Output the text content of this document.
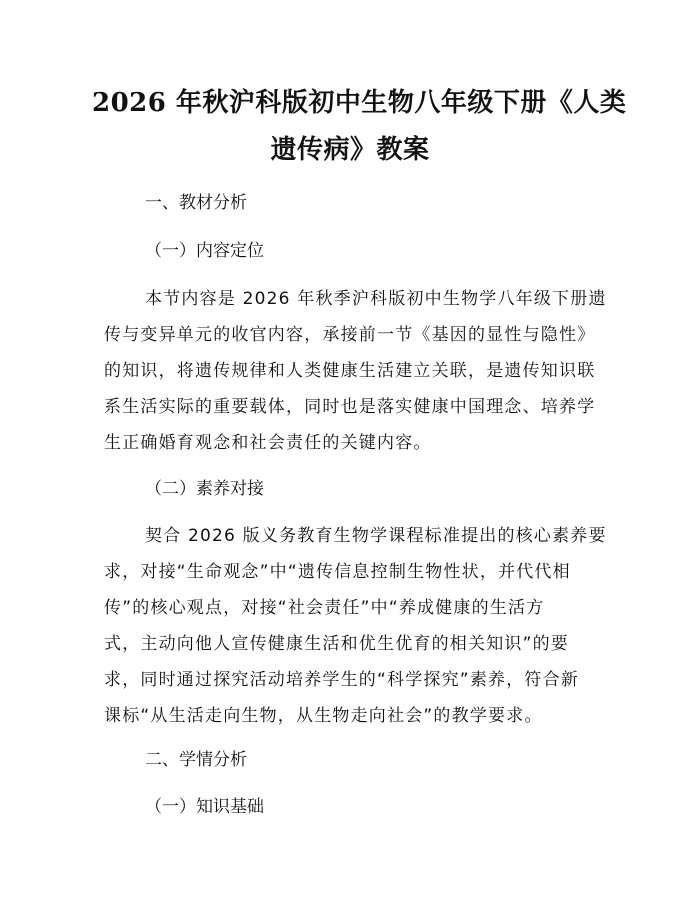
2026 年秋沪科版初中生物八年级下册《人类
遗传病》教案
一、教材分析
（一）内容定位
本节内容是 2026 年秋季沪科版初中生物学八年级下册遗
传与变异单元的收官内容，承接前一节《基因的显性与隐性》
的知识，将遗传规律和人类健康生活建立关联，是遗传知识联
系生活实际的重要载体，同时也是落实健康中国理念、培养学
生正确婚育观念和社会责任的关键内容。
（二）素养对接
契合 2026 版义务教育生物学课程标准提出的核心素养要
求，对接“生命观念”中“遗传信息控制生物性状，并代代相
传”的核心观点，对接“社会责任”中“养成健康的生活方
式，主动向他人宣传健康生活和优生优育的相关知识”的要
求，同时通过探究活动培养学生的“科学探究”素养，符合新
课标“从生活走向生物，从生物走向社会”的教学要求。
二、学情分析
（一）知识基础
